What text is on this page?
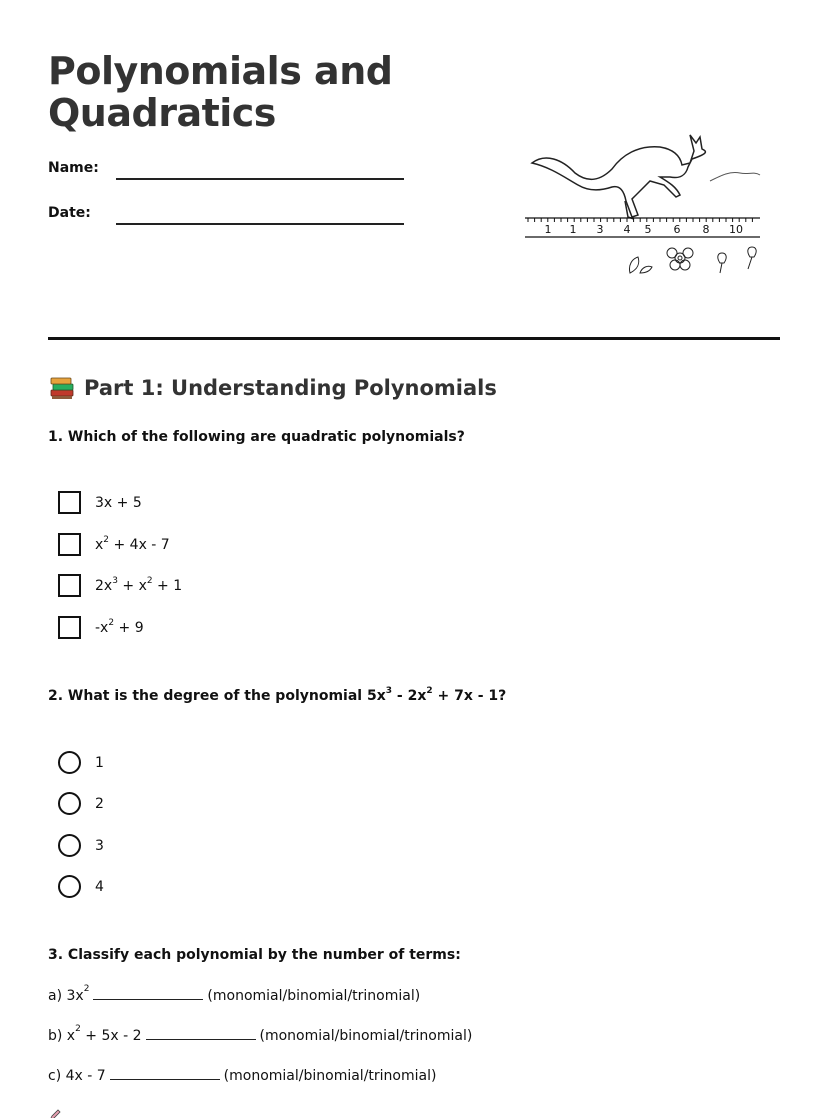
Polynomials and Quadratics
Name:
Date:
1 1 3 4 5 6 8 10
Part 1: Understanding Polynomials
1. Which of the following are quadratic polynomials?
3x + 5
$x^2 + 4x - 7$
$2x^3 + x^2 + 1$
$-x^2 + 9$
2. What is the degree of the polynomial $5x^3 - 2x^2 + 7x - 1$?
1
2
3
4
3. Classify each polynomial by the number of terms:
a) $3x^2$	(monomial/binomial/trinomial)
b) $x^2 + 5x - 2$	(monomial/binomial/trinomial)
c) 4x - 7	(monomial/binomial/trinomial)
